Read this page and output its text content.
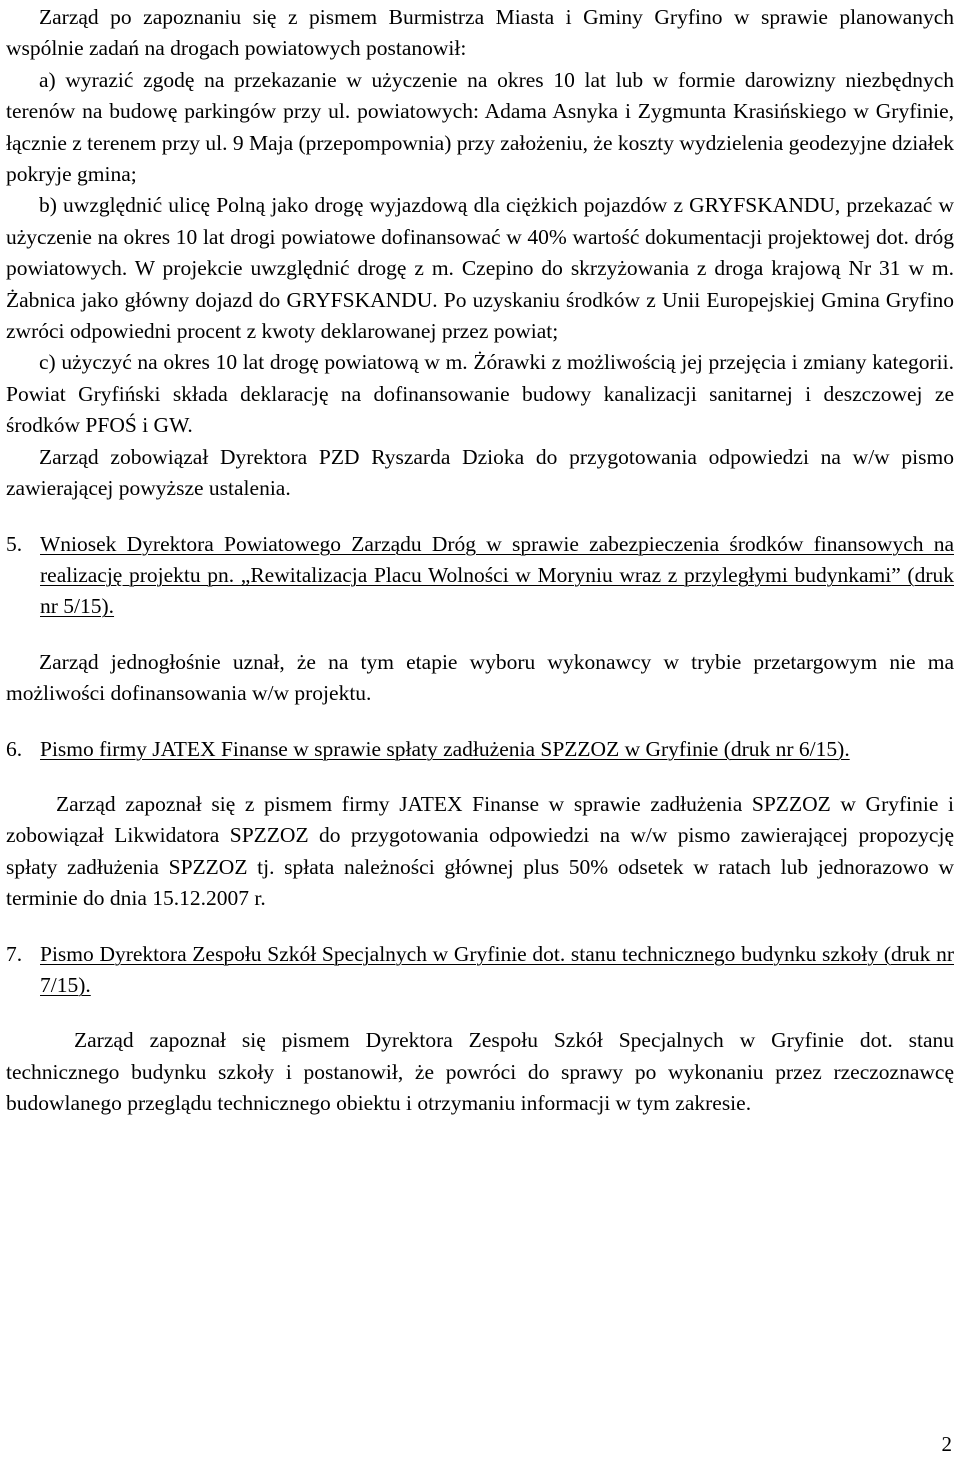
Zarząd po zapoznaniu się z pismem Burmistrza Miasta i Gminy Gryfino w sprawie planowanych wspólnie zadań na drogach powiatowych postanowił:

a) wyrazić zgodę na przekazanie w użyczenie na okres 10 lat lub w formie darowizny niezbędnych terenów na budowę parkingów przy ul. powiatowych: Adama Asnyka i Zygmunta Krasińskiego w Gryfinie, łącznie z terenem przy ul. 9 Maja (przepompownia) przy założeniu, że koszty wydzielenia geodezyjne działek pokryje gmina;

b) uwzględnić ulicę Polną jako drogę wyjazdową dla ciężkich pojazdów z GRYFSKANDU, przekazać w użyczenie na okres 10 lat drogi powiatowe dofinansować w 40% wartość dokumentacji projektowej dot. dróg powiatowych. W projekcie uwzględnić drogę z m. Czepino do skrzyżowania z droga krajową Nr 31 w m. Żabnica jako główny dojazd do GRYFSKANDU. Po uzyskaniu środków z Unii Europejskiej Gmina Gryfino zwróci odpowiedni procent z kwoty deklarowanej przez powiat;

c) użyczyć na okres 10 lat drogę powiatową w m. Żórawki z możliwością jej przejęcia i zmiany kategorii. Powiat Gryfiński składa deklarację na dofinansowanie budowy kanalizacji sanitarnej i deszczowej ze środków PFOŚ i GW.

Zarząd zobowiązał Dyrektora PZD Ryszarda Dzioka do przygotowania odpowiedzi na w/w pismo zawierającej powyższe ustalenia.

5. Wniosek Dyrektora Powiatowego Zarządu Dróg w sprawie zabezpieczenia środków finansowych na realizację projektu pn. „Rewitalizacja Placu Wolności w Moryniu wraz z przyległymi budynkami” (druk nr 5/15).

Zarząd jednogłośnie uznał, że na tym etapie wyboru wykonawcy w trybie przetargowym nie ma możliwości dofinansowania w/w projektu.

6. Pismo firmy JATEX Finanse w sprawie spłaty zadłużenia SPZZOZ w Gryfinie (druk nr 6/15).

Zarząd zapoznał się z pismem firmy JATEX Finanse w sprawie zadłużenia SPZZOZ w Gryfinie i zobowiązał Likwidatora SPZZOZ do przygotowania odpowiedzi na w/w pismo zawierającej propozycję spłaty zadłużenia SPZZOZ tj. spłata należności głównej plus 50% odsetek w ratach lub jednorazowo w terminie do dnia 15.12.2007 r.

7. Pismo Dyrektora Zespołu Szkół Specjalnych w Gryfinie dot. stanu technicznego budynku szkoły (druk nr 7/15).

Zarząd zapoznał się pismem Dyrektora Zespołu Szkół Specjalnych w Gryfinie dot. stanu technicznego budynku szkoły i postanowił, że powróci do sprawy po wykonaniu przez rzeczoznawcę budowlanego przeglądu technicznego obiektu i otrzymaniu informacji w tym zakresie.

2
